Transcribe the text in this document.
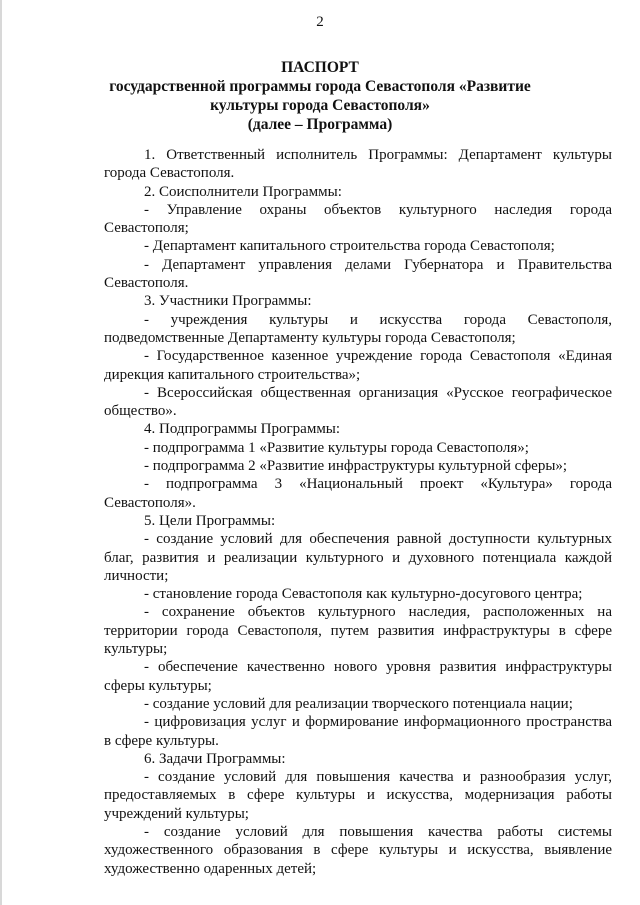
2
ПАСПОРТ
государственной программы города Севастополя «Развитие
культуры города Севастополя»
(далее – Программа)

1. Ответственный исполнитель Программы: Департамент культуры города Севастополя.

2. Соисполнители Программы:

- Управление охраны объектов культурного наследия города Севастополя;

- Департамент капитального строительства города Севастополя;

- Департамент управления делами Губернатора и Правительства Севастополя.

3. Участники Программы:

- учреждения культуры и искусства города Севастополя, подведомственные Департаменту культуры города Севастополя;

- Государственное казенное учреждение города Севастополя «Единая дирекция капитального строительства»;

- Всероссийская общественная организация «Русское географическое общество».

4. Подпрограммы Программы:

- подпрограмма 1 «Развитие культуры города Севастополя»;

- подпрограмма 2 «Развитие инфраструктуры культурной сферы»;

- подпрограмма 3 «Национальный проект «Культура» города Севастополя».

5. Цели Программы:

- создание условий для обеспечения равной доступности культурных благ, развития и реализации культурного и духовного потенциала каждой личности;

- становление города Севастополя как культурно-досугового центра;

- сохранение объектов культурного наследия, расположенных на территории города Севастополя, путем развития инфраструктуры в сфере культуры;

- обеспечение качественно нового уровня развития инфраструктуры сферы культуры;

- создание условий для реализации творческого потенциала нации;

- цифровизация услуг и формирование информационного пространства в сфере культуры.

6. Задачи Программы:

- создание условий для повышения качества и разнообразия услуг, предоставляемых в сфере культуры и искусства, модернизация работы учреждений культуры;

- создание условий для повышения качества работы системы художественного образования в сфере культуры и искусства, выявление художественно одаренных детей;
